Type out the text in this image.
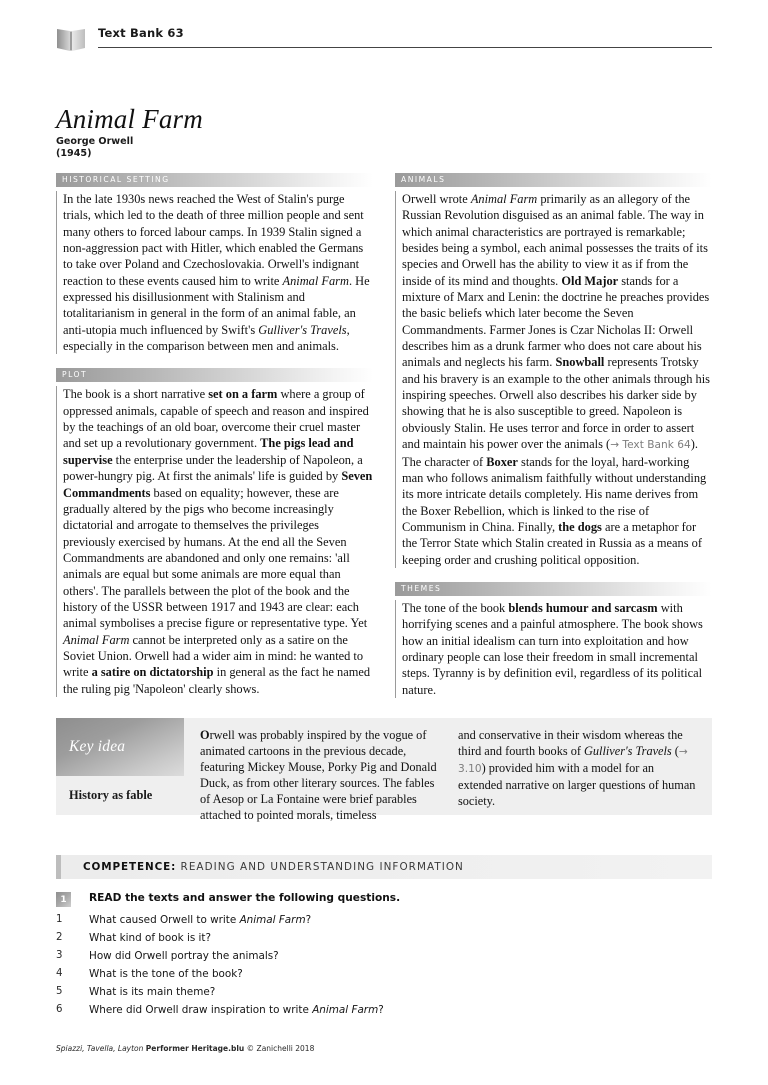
Text Bank 63
Animal Farm
George Orwell
(1945)
HISTORICAL SETTING
In the late 1930s news reached the West of Stalin's purge trials, which led to the death of three million people and sent many others to forced labour camps. In 1939 Stalin signed a non-aggression pact with Hitler, which enabled the Germans to take over Poland and Czechoslovakia. Orwell's indignant reaction to these events caused him to write Animal Farm. He expressed his disillusionment with Stalinism and totalitarianism in general in the form of an animal fable, an anti-utopia much influenced by Swift's Gulliver's Travels, especially in the comparison between men and animals.
PLOT
The book is a short narrative set on a farm where a group of oppressed animals, capable of speech and reason and inspired by the teachings of an old boar, overcome their cruel master and set up a revolutionary government. The pigs lead and supervise the enterprise under the leadership of Napoleon, a power-hungry pig. At first the animals' life is guided by Seven Commandments based on equality; however, these are gradually altered by the pigs who become increasingly dictatorial and arrogate to themselves the privileges previously exercised by humans. At the end all the Seven Commandments are abandoned and only one remains: 'all animals are equal but some animals are more equal than others'. The parallels between the plot of the book and the history of the USSR between 1917 and 1943 are clear: each animal symbolises a precise figure or representative type. Yet Animal Farm cannot be interpreted only as a satire on the Soviet Union. Orwell had a wider aim in mind: he wanted to write a satire on dictatorship in general as the fact he named the ruling pig 'Napoleon' clearly shows.
ANIMALS
Orwell wrote Animal Farm primarily as an allegory of the Russian Revolution disguised as an animal fable. The way in which animal characteristics are portrayed is remarkable; besides being a symbol, each animal possesses the traits of its species and Orwell has the ability to view it as if from the inside of its mind and thoughts. Old Major stands for a mixture of Marx and Lenin: the doctrine he preaches provides the basic beliefs which later become the Seven Commandments. Farmer Jones is Czar Nicholas II: Orwell describes him as a drunk farmer who does not care about his animals and neglects his farm. Snowball represents Trotsky and his bravery is an example to the other animals through his inspiring speeches. Orwell also describes his darker side by showing that he is also susceptible to greed. Napoleon is obviously Stalin. He uses terror and force in order to assert and maintain his power over the animals (→ Text Bank 64). The character of Boxer stands for the loyal, hard-working man who follows animalism faithfully without understanding its more intricate details completely. His name derives from the Boxer Rebellion, which is linked to the rise of Communism in China. Finally, the dogs are a metaphor for the Terror State which Stalin created in Russia as a means of keeping order and crushing political opposition.
THEMES
The tone of the book blends humour and sarcasm with horrifying scenes and a painful atmosphere. The book shows how an initial idealism can turn into exploitation and how ordinary people can lose their freedom in small incremental steps. Tyranny is by definition evil, regardless of its political nature.
Key idea
History as fable
Orwell was probably inspired by the vogue of animated cartoons in the previous decade, featuring Mickey Mouse, Porky Pig and Donald Duck, as from other literary sources. The fables of Aesop or La Fontaine were brief parables attached to pointed morals, timeless
and conservative in their wisdom whereas the third and fourth books of Gulliver's Travels (→ 3.10) provided him with a model for an extended narrative on larger questions of human society.
COMPETENCE: READING AND UNDERSTANDING INFORMATION
1	READ the texts and answer the following questions.
1	What caused Orwell to write Animal Farm?
2	What kind of book is it?
3	How did Orwell portray the animals?
4	What is the tone of the book?
5	What is its main theme?
6	Where did Orwell draw inspiration to write Animal Farm?
Spiazzi, Tavella, Layton Performer Heritage.blu © Zanichelli 2018
